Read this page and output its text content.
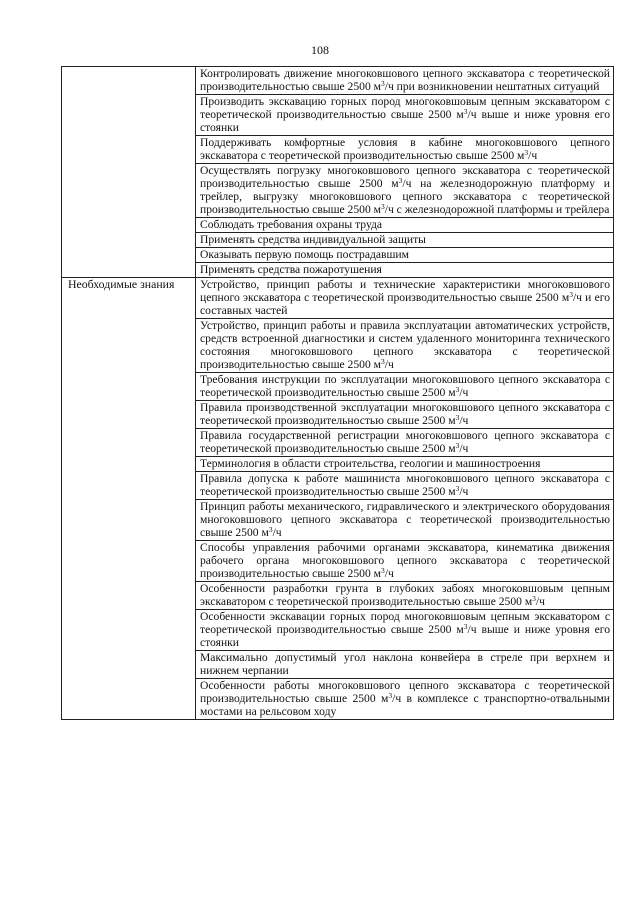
108
	Контролировать движение многоковшового цепного экскаватора с теоретической производительностью свыше 2500 $м^3/ч$ при возникновении нештатных ситуаций
	Производить экскавацию горных пород многоковшовым цепным экскаватором с теоретической производительностью свыше 2500 $м^3/ч$ выше и ниже уровня его стоянки
	Поддерживать комфортные условия в кабине многоковшового цепного экскаватора с теоретической производительностью свыше 2500 $м^3/ч$
	Осуществлять погрузку многоковшового цепного экскаватора с теоретической производительностью свыше 2500 $м^3/ч$ на железнодорожную платформу и трейлер, выгрузку многоковшового цепного экскаватора с теоретической производительностью свыше 2500 $м^3/ч$ с железнодорожной платформы и трейлера
	Соблюдать требования охраны труда
	Применять средства индивидуальной защиты
	Оказывать первую помощь пострадавшим
	Применять средства пожаротушения
Необходимые знания	Устройство, принцип работы и технические характеристики многоковшового цепного экскаватора с теоретической производительностью свыше 2500 $м^3/ч$ и его составных частей
	Устройство, принцип работы и правила эксплуатации автоматических устройств, средств встроенной диагностики и систем удаленного мониторинга технического состояния многоковшового цепного экскаватора с теоретической производительностью свыше 2500 $м^3/ч$
	Требования инструкции по эксплуатации многоковшового цепного экскаватора с теоретической производительностью свыше 2500 $м^3/ч$
	Правила производственной эксплуатации многоковшового цепного экскаватора с теоретической производительностью свыше 2500 $м^3/ч$
	Правила государственной регистрации многоковшового цепного экскаватора с теоретической производительностью свыше 2500 $м^3/ч$
	Терминология в области строительства, геологии и машиностроения
	Правила допуска к работе машиниста многоковшового цепного экскаватора с теоретической производительностью свыше 2500 $м^3/ч$
	Принцип работы механического, гидравлического и электрического оборудования многоковшового цепного экскаватора с теоретической производительностью свыше 2500 $м^3/ч$
	Способы управления рабочими органами экскаватора, кинематика движения рабочего органа многоковшового цепного экскаватора с теоретической производительностью свыше 2500 $м^3/ч$
	Особенности разработки грунта в глубоких забоях многоковшовым цепным экскаватором с теоретической производительностью свыше 2500 $м^3/ч$
	Особенности экскавации горных пород многоковшовым цепным экскаватором с теоретической производительностью свыше 2500 $м^3/ч$ выше и ниже уровня его стоянки
	Максимально допустимый угол наклона конвейера в стреле при верхнем и нижнем черпании
	Особенности работы многоковшового цепного экскаватора с теоретической производительностью свыше 2500 $м^3/ч$ в комплексе с транспортно-отвальными мостами на рельсовом ходу
